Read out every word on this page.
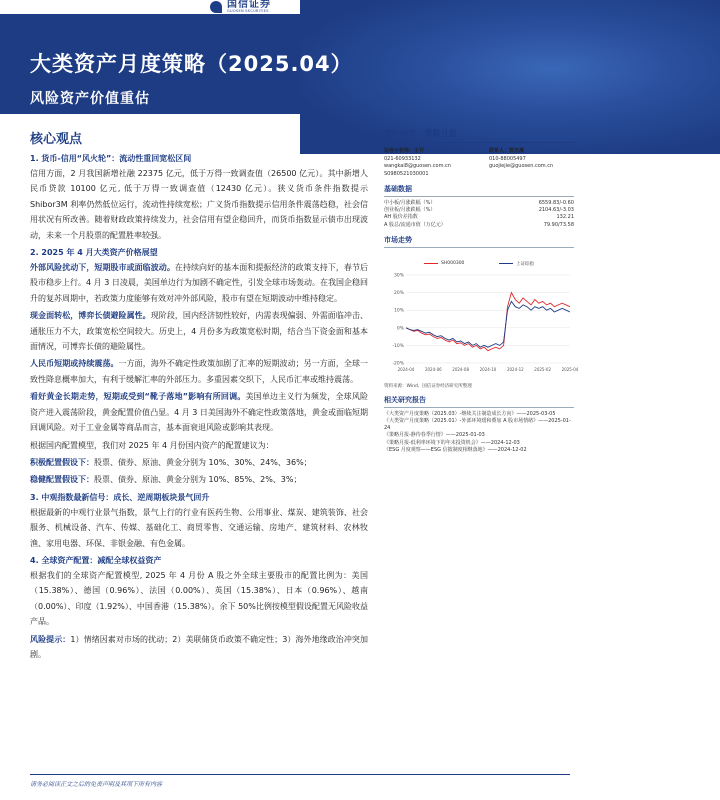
国信证券
GUOSEN SECURITIES
大类资产月度策略（2025.04）
风险资产价值重估
核心观点
1. 货币-信用“风火轮”：流动性重回宽松区间
信用方面，2 月我国新增社融 22375 亿元，低于万得一致调查值（26500 亿元）。其中新增人民币贷款 10100 亿元, 低于万得一致调查值（12430 亿元）。狭义货币条件指数提示 Shibor3M 利率仍然低位运行，流动性持续宽松；广义货币指数提示信用条件震荡趋稳，社会信用状况有所改善。随着财政政策持续发力，社会信用有望企稳回升，而货币指数显示债市出现波动，未来一个月股票的配置胜率较强。
2. 2025 年 4 月大类资产价格展望
外部风险扰动下，短期股市或面临波动。在持续向好的基本面和提振经济的政策支持下，春节后股市稳步上行。4 月 3 日凌晨，美国单边行为加剧不确定性，引发全球市场轰动。在我国企稳回升的复苏周期中，若政策力度能够有效对冲外部风险，股市有望在短期波动中维持稳定。
现金面转松，博弈长债避险属性。现阶段，国内经济韧性较好，内需表现偏弱、外需面临冲击、通胀压力不大，政策宽松空间较大。历史上，4 月份多为政策宽松时期，结合当下资金面和基本面情况，可博弈长债的避险属性。
人民币短期或持续震荡。一方面，海外不确定性政策加剧了汇率的短期波动；另一方面，全球一致性降息概率加大，有利于缓解汇率的外部压力。多重因素交织下，人民币汇率或维持震荡。
看好黄金长期走势，短期或受到“靴子落地”影响有所回调。美国单边主义行为频发，全球风险资产进入震荡阶段，黄金配置价值凸显。4 月 3 日美国海外不确定性政策落地，黄金或面临短期回调风险。对于工业金属等商品而言，基本面衰退风险或影响其表现。
根据国内配置模型，我们对 2025 年 4 月份国内资产的配置建议为：
积极配置假设下：股票、债券、原油、黄金分别为 10%、30%、24%、36%；
稳健配置假设下：股票、债券、原油、黄金分别为 10%、85%、2%、3%；
3. 中观指数最新信号：成长、逆周期板块景气回升
根据最新的中观行业景气指数，景气上行的行业有医药生物、公用事业、煤炭、建筑装饰、社会服务、机械设备、汽车、传媒、基础化工、商贸零售、交通运输、房地产、建筑材料、农林牧渔、家用电器、环保、非银金融、有色金属。
4. 全球资产配置：减配全球权益资产
根据我们的全球资产配置模型, 2025 年 4 月份 A 股之外全球主要股市的配置比例为：美国（15.38%）、德国（0.96%）、法国（0.00%）、英国（15.38%）、日本（0.96%）、越南（0.00%）、印度（1.92%）、中国香港（15.38%）。余下 50%比例按模型假设配置无风险收益产品。
风险提示：1）情绪因素对市场的扰动；2）美联储货币政策不确定性；3）海外地缘政治冲突加剧。
策略研究 · 策略月报
证券分析师：王开
021-60933132
wangkai8@guosen.com.cn
S0980521030001
联系人：郭杰溪
010-88005497
guojiejie@guosen.com.cn
基础数据
中小板/月涨跌幅（%）	6559.83/-0.60
创业板/月涨跌幅（%）	2104.63/-3.03
AH 股价差指数	132.21
A 股总/流通市值（万亿元）	79.90/73.58
市场走势
SH000300	上证综指
30%
20%
10%
0%
-10%
-20%
2024-04	2024-06	2024-08	2024-10	2024-12	2025-02	2025-04
资料来源：Wind、国信证券经济研究所整理
相关研究报告
《大类资产月度策略（2025.03）-继续关注制造成长方向》——2025-03-05
《大类资产月度策略（2025.01）-外部环境缓和叠加 A 股市场情绪》——2025-01-24
《策略月报-静待春季行情》——2025-01-03
《策略月报-低利率环境下的年末投资机会》——2024-12-03
《ESG 月度观察——ESG 信披制度相继落地》——2024-12-02
请务必阅读正文之后的免责声明及其项下所有内容
